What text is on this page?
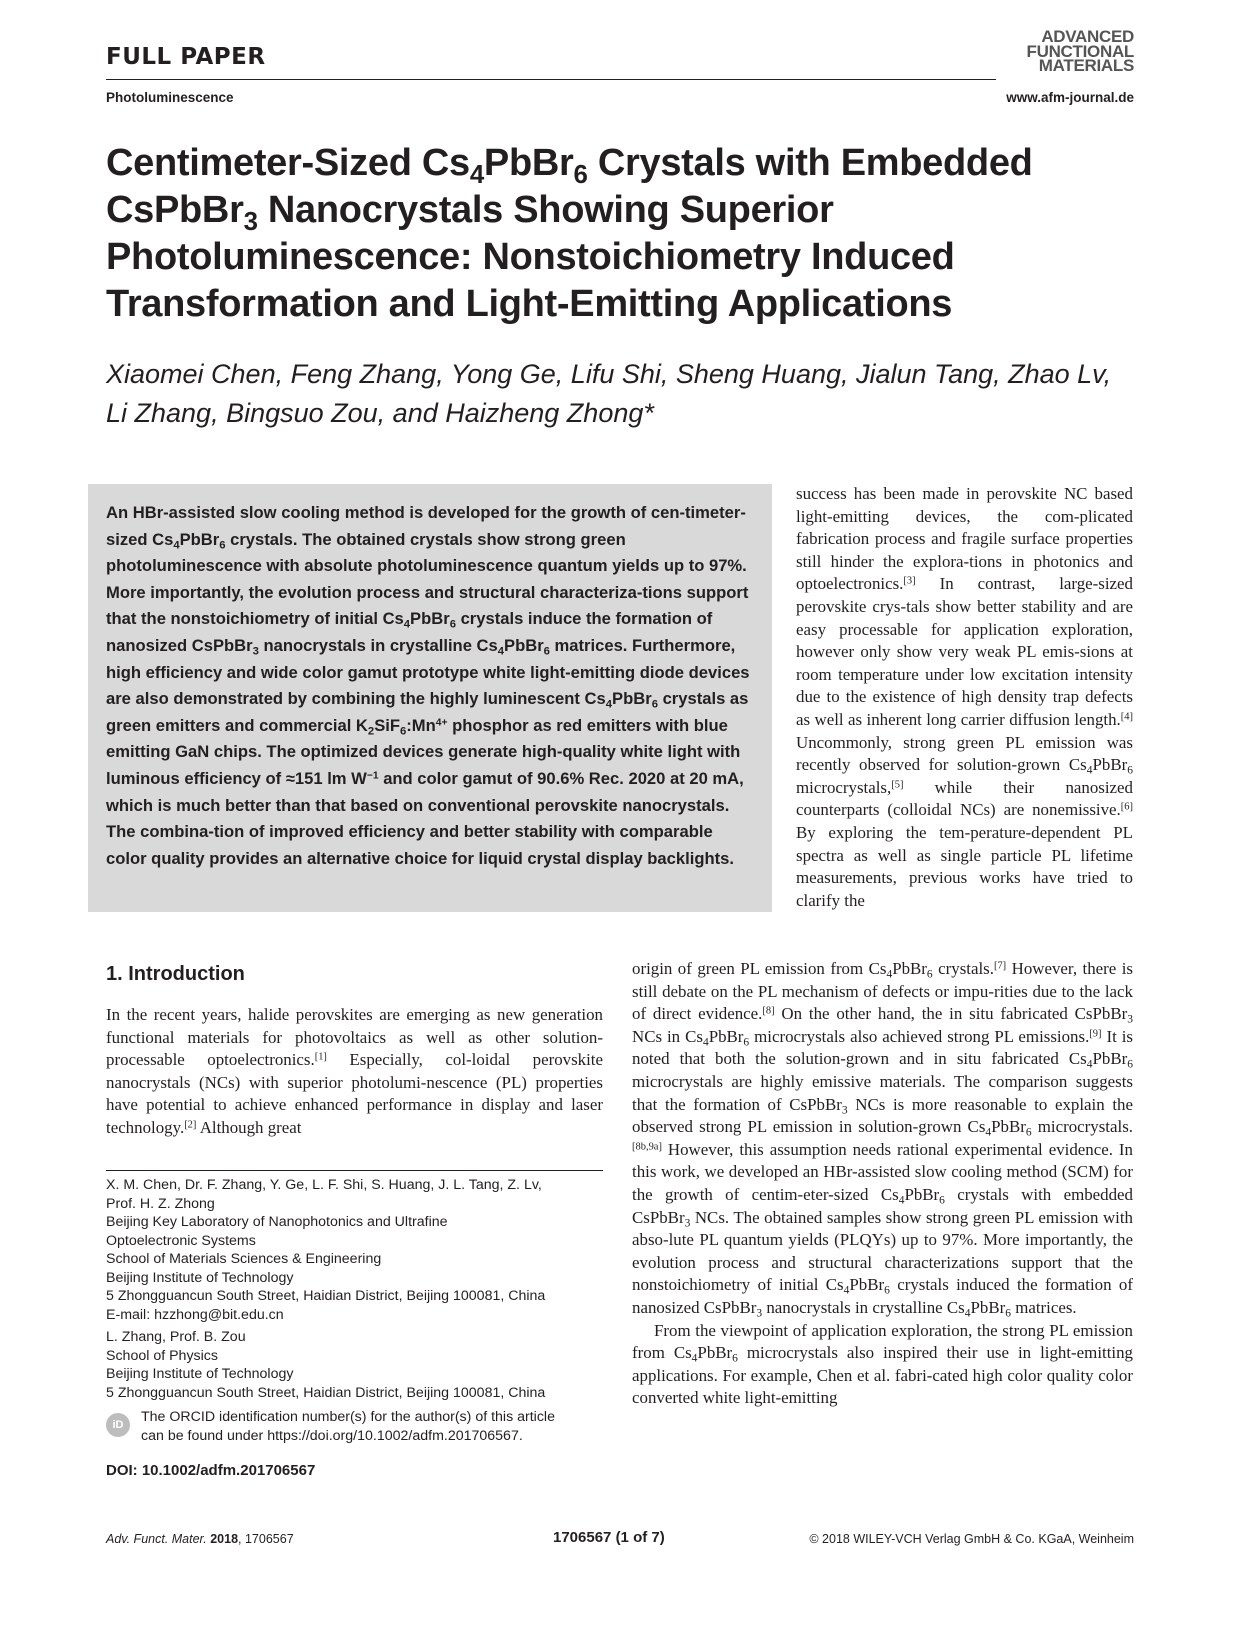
FULL PAPER
Photoluminescence
ADVANCED
FUNCTIONAL
MATERIALS
www.afm-journal.de
Centimeter-Sized $Cs_4PbBr_6$ Crystals with Embedded
CsPbBr$_3$ Nanocrystals Showing Superior
Photoluminescence: Nonstoichiometry Induced
Transformation and Light-Emitting Applications
Xiaomei Chen, Feng Zhang, Yong Ge, Lifu Shi, Sheng Huang, Jialun Tang, Zhao Lv,
Li Zhang, Bingsuo Zou, and Haizheng Zhong*
An HBr-assisted slow cooling method is developed for the growth of cen-timeter-sized $Cs_4PbBr_6$ crystals. The obtained crystals show strong green photoluminescence with absolute photoluminescence quantum yields up to 97%. More importantly, the evolution process and structural characteriza-tions support that the nonstoichiometry of initial $Cs_4PbBr_6$ crystals induce the formation of nanosized CsPbBr$_3$ nanocrystals in crystalline $Cs_4PbBr_6$ matrices. Furthermore, high efficiency and wide color gamut prototype white light-emitting diode devices are also demonstrated by combining the highly luminescent $Cs_4PbBr_6$ crystals as green emitters and commercial $K_2SiF_6:Mn^{4+}$ phosphor as red emitters with blue emitting GaN chips. The optimized devices generate high-quality white light with luminous efficiency of ≈151 lm $W^{-1}$ and color gamut of 90.6% Rec. 2020 at 20 mA, which is much better than that based on conventional perovskite nanocrystals. The combina-tion of improved efficiency and better stability with comparable color quality provides an alternative choice for liquid crystal display backlights.
success has been made in perovskite NC based light-emitting devices, the com-plicated fabrication process and fragile surface properties still hinder the explora-tions in photonics and optoelectronics.[3] In contrast, large-sized perovskite crys-tals show better stability and are easy processable for application exploration, however only show very weak PL emis-sions at room temperature under low excitation intensity due to the existence of high density trap defects as well as inherent long carrier diffusion length.[4] Uncommonly, strong green PL emission was recently observed for solution-grown $Cs_4PbBr_6$ microcrystals,[5] while their nanosized counterparts (colloidal NCs) are nonemissive.[6] By exploring the tem-perature-dependent PL spectra as well as single particle PL lifetime measurements, previous works have tried to clarify the
1. Introduction
In the recent years, halide perovskites are emerging as new generation functional materials for photovoltaics as well as other solution-processable optoelectronics.[1] Especially, col-loidal perovskite nanocrystals (NCs) with superior photolumi-nescence (PL) properties have potential to achieve enhanced performance in display and laser technology.[2] Although great

origin of green PL emission from $Cs_4PbBr_6$ crystals.[7] However, there is still debate on the PL mechanism of defects or impu-rities due to the lack of direct evidence.[8] On the other hand, the in situ fabricated CsPbBr$_3$ NCs in $Cs_4PbBr_6$ microcrystals also achieved strong PL emissions.[9] It is noted that both the solution-grown and in situ fabricated $Cs_4PbBr_6$ microcrystals are highly emissive materials. The comparison suggests that the formation of CsPbBr$_3$ NCs is more reasonable to explain the observed strong PL emission in solution-grown $Cs_4PbBr_6$ microcrystals.[8b,9a] However, this assumption needs rational experimental evidence. In this work, we developed an HBr-assisted slow cooling method (SCM) for the growth of centim-eter-sized $Cs_4PbBr_6$ crystals with embedded CsPbBr$_3$ NCs. The obtained samples show strong green PL emission with abso-lute PL quantum yields (PLQYs) up to 97%. More importantly, the evolution process and structural characterizations support that the nonstoichiometry of initial $Cs_4PbBr_6$ crystals induced the formation of nanosized CsPbBr$_3$ nanocrystals in crystalline $Cs_4PbBr_6$ matrices.

From the viewpoint of application exploration, the strong PL emission from $Cs_4PbBr_6$ microcrystals also inspired their use in light-emitting applications. For example, Chen et al. fabri-cated high color quality color converted white light-emitting

X. M. Chen, Dr. F. Zhang, Y. Ge, L. F. Shi, S. Huang, J. L. Tang, Z. Lv,
Prof. H. Z. Zhong
Beijing Key Laboratory of Nanophotonics and Ultrafine
Optoelectronic Systems
School of Materials Sciences & Engineering
Beijing Institute of Technology
5 Zhongguancun South Street, Haidian District, Beijing 100081, China
E-mail: hzzhong@bit.edu.cn
L. Zhang, Prof. B. Zou
School of Physics
Beijing Institute of Technology
5 Zhongguancun South Street, Haidian District, Beijing 100081, China
iD	The ORCID identification number(s) for the author(s) of this article
can be found under https://doi.org/10.1002/adfm.201706567.
DOI: 10.1002/adfm.201706567
Adv. Funct. Mater. 2018, 1706567	1706567 (1 of 7)	© 2018 WILEY-VCH Verlag GmbH & Co. KGaA, Weinheim
